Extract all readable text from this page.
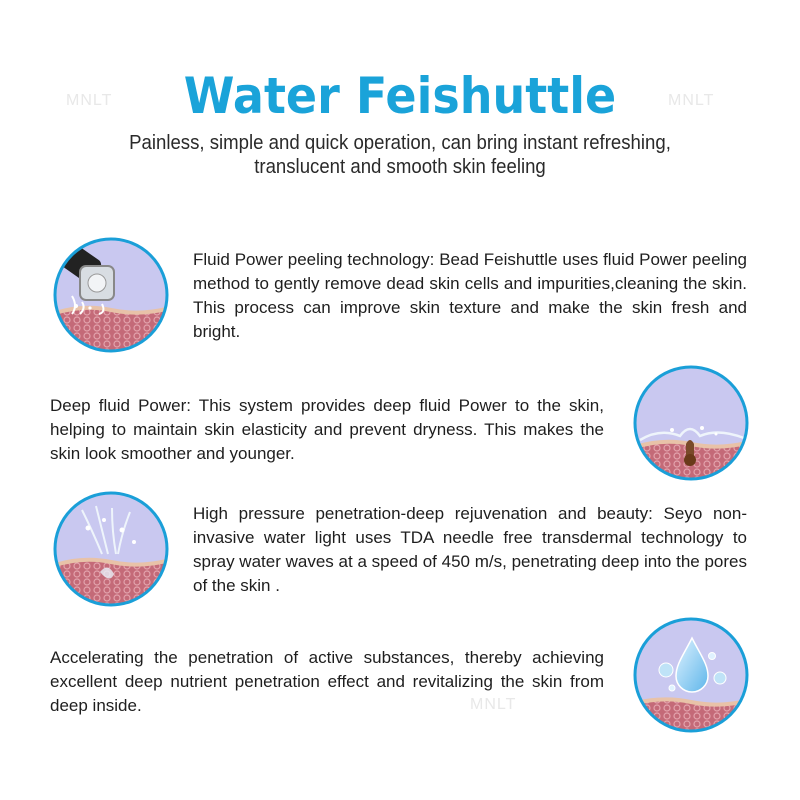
MNLT	MNLT
MNLT
Water Feishuttle
Painless, simple and quick operation, can bring instant refreshing,
translucent and smooth skin feeling
Fluid Power peeling technology: Bead Feishuttle uses fluid Power peeling method to gently remove dead skin cells and impurities,cleaning the skin. This process can improve skin texture and make the skin fresh and bright.
Deep fluid Power: This system provides deep fluid Power to the skin, helping to maintain skin elasticity and prevent dryness. This makes the skin look smoother and younger.
High pressure penetration-deep rejuvenation and beauty: Seyo non-invasive water light uses TDA needle free transdermal technology to spray water waves at a speed of 450 m/s, penetrating deep into the pores of the skin .
Accelerating the penetration of active substances, thereby achieving excellent deep nutrient penetration effect and revitalizing the skin from deep inside.
